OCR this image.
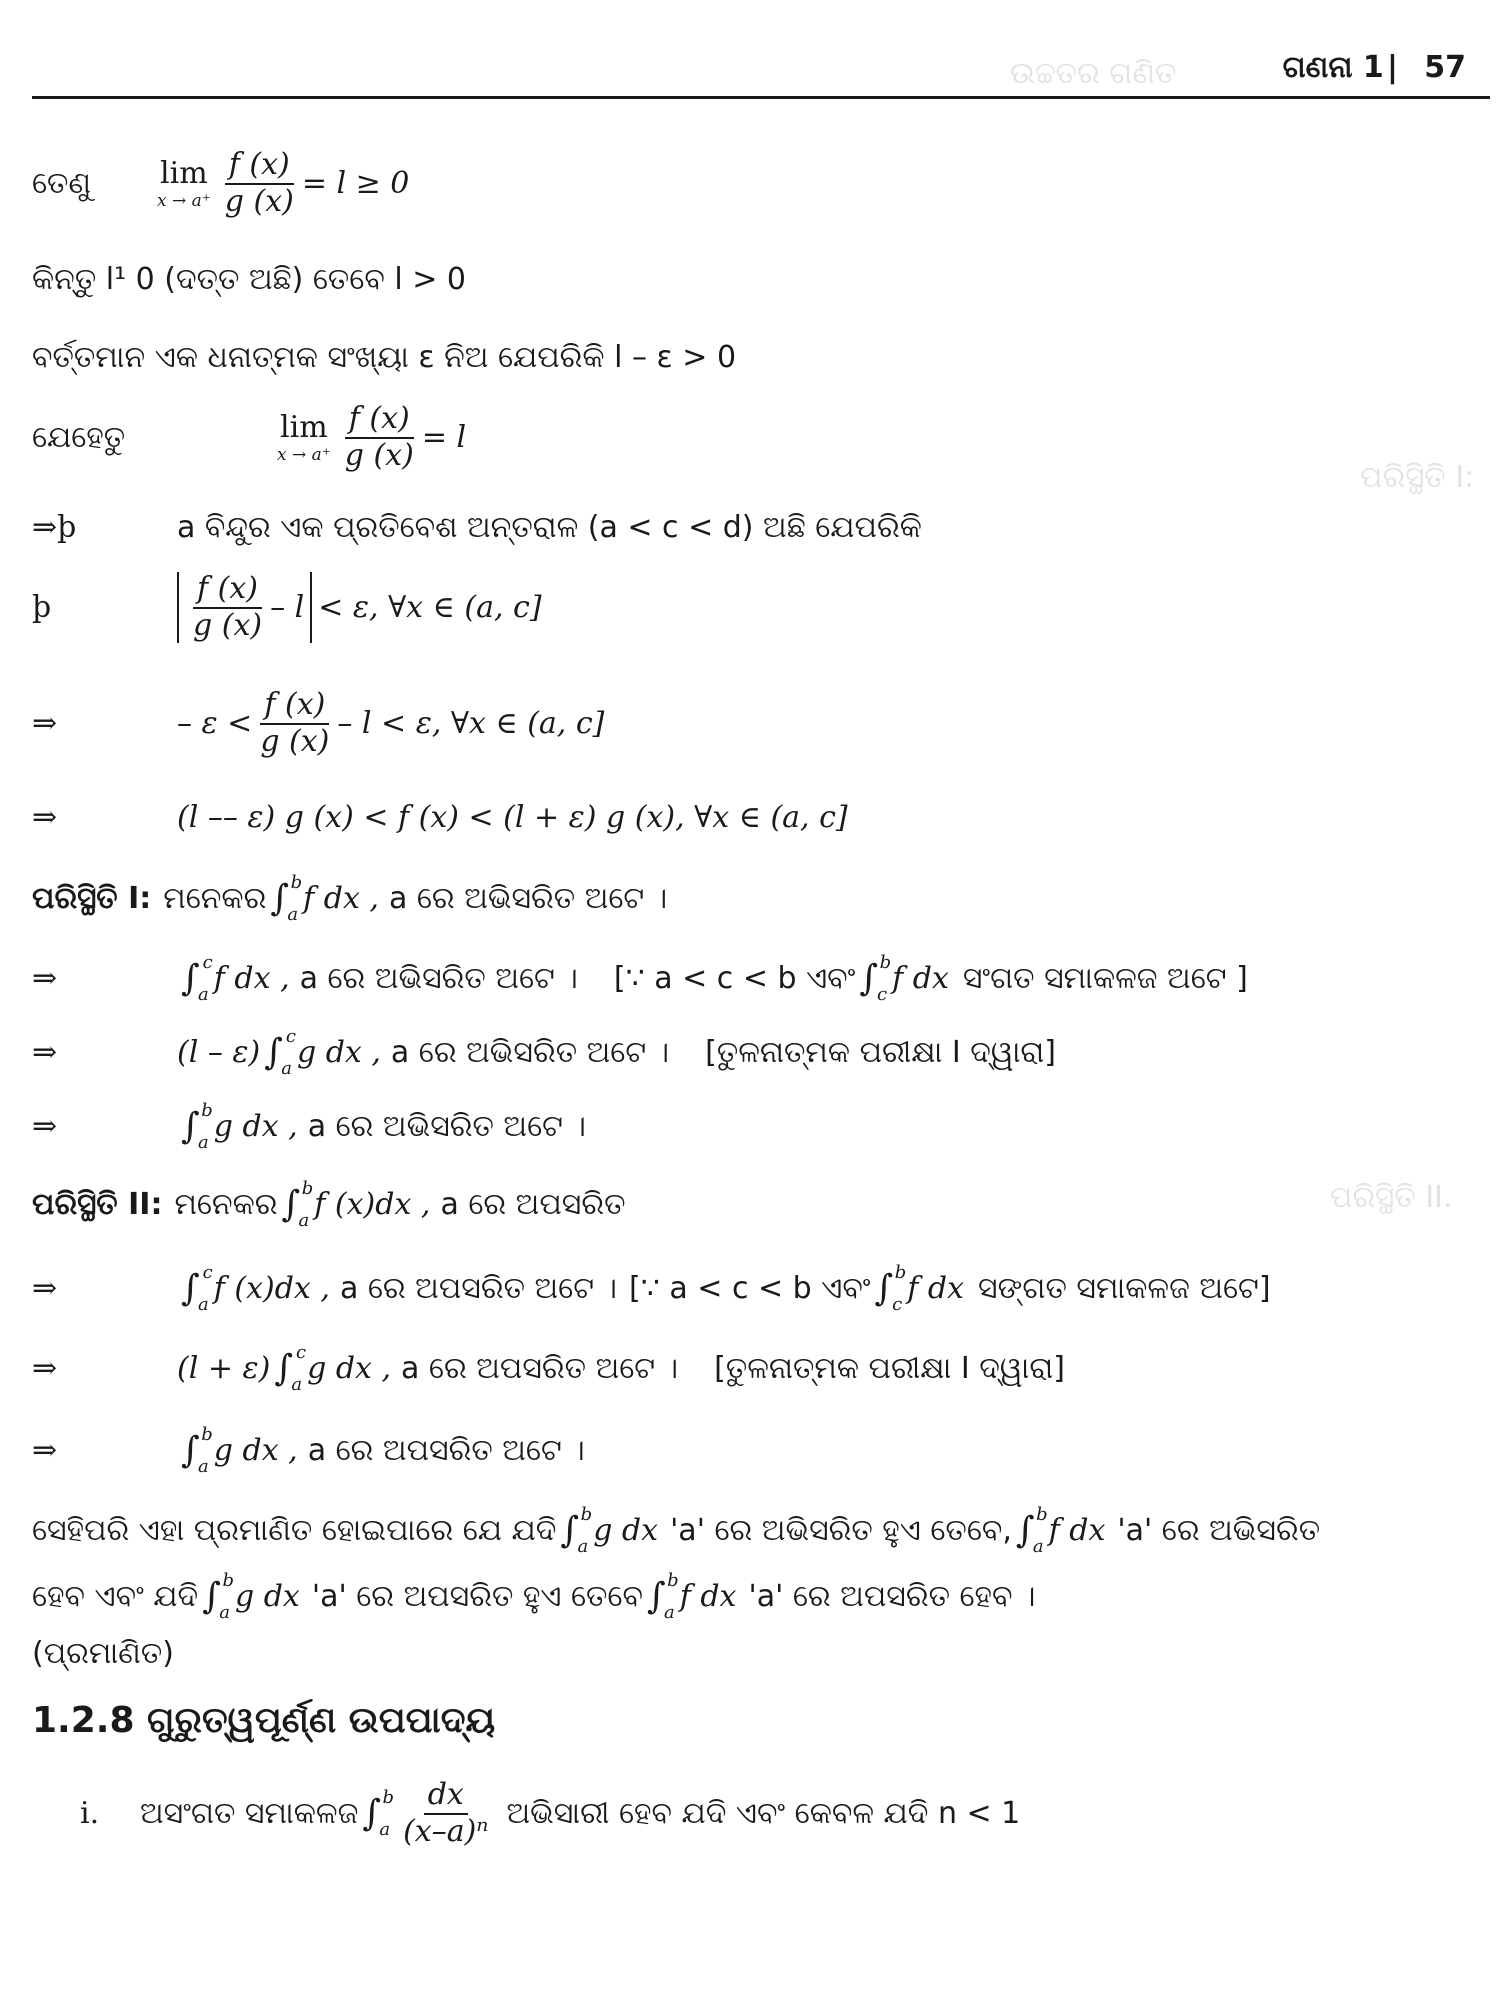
ଉଚ୍ଚତର ଗଣିତ
ପରିସ୍ଥିତି I:
ପରିସ୍ଥିତି II.
ଗଣନା 1 57
|
ତେଣୁ	lim
$x \to a^+ \frac{f (x)}{g (x)} = l \ge 0$
କିନ୍ତୁ l¹ 0 (ଦତ୍ତ ଅଛି) ତେବେ l > 0
ବର୍ତ୍ତମାନ ଏକ ଧନାତ୍ମକ ସଂଖ୍ୟା ε ନିଅ ଯେପରିକି l – ε > 0
ଯେହେତୁ	lim
$x \to a^+ \frac{f (x)}{g (x)} = l$
⇒þ	a ବିନ୍ଦୁର ଏକ ପ୍ରତିବେଶ ଅନ୍ତରାଳ (a < c < d) ଅଛି ଯେପରିକି
þ	$\frac{f (x)}{g (x)} - l < \varepsilon$, ∀x ∈ (a, c]
⇒	– $\varepsilon < \frac{f (x)}{g (x)} - l < \varepsilon$, ∀x ∈ (a, c]
⇒	(l –– ε) g (x) < f (x) < (l + ε) g (x), ∀x ∈ (a, c]
ପରିସ୍ଥିତି I: ମନେକର ∫ b
a f dx , a ରେ ଅଭିସରିତ ଅଟେ ।
⇒	∫ c
a f dx , a ରେ ଅଭିସରିତ ଅଟେ । [∵ a < c < b ଏବଂ ∫ b
c f dx ସଂଗତ ସମାକଳଜ ଅଟେ ]
⇒	(l – ε) ∫ c
a g dx , a ରେ ଅଭିସରିତ ଅଟେ । [ତୁଳନାତ୍ମକ ପରୀକ୍ଷା I ଦ୍ୱାରା]
⇒	∫ b
a g dx , a ରେ ଅଭିସରିତ ଅଟେ ।
ପରିସ୍ଥିତି II: ମନେକର ∫ b
a f (x)dx , a ରେ ଅପସରିତ
⇒	∫ c
a f (x)dx , a ରେ ଅପସରିତ ଅଟେ । [∵ a < c < b ଏବଂ ∫ b
c f dx ସଙ୍ଗତ ସମାକଳଜ ଅଟେ]
⇒	(l + ε) ∫ c
a g dx , a ରେ ଅପସରିତ ଅଟେ । [ତୁଳନାତ୍ମକ ପରୀକ୍ଷା I ଦ୍ୱାରା]
⇒	∫ b
a g dx , a ରେ ଅପସରିତ ଅଟେ ।
ସେହିପରି ଏହା ପ୍ରମାଣିତ ହୋଇପାରେ ଯେ ଯଦି ∫ b
a g dx 'a' ରେ ଅଭିସରିତ ହୁଏ ତେବେ, ∫ b
a f dx 'a' ରେ ଅଭିସରିତ
ହେବ ଏବଂ ଯଦି ∫ b
a g dx 'a' ରେ ଅପସରିତ ହୁଏ ତେବେ ∫ b
a f dx 'a' ରେ ଅପସରିତ ହେବ ।
(ପ୍ରମାଣିତ)
1.2.8 ଗୁରୁତ୍ୱପୂର୍ଣ୍ଣ ଉପପାଦ୍ୟ
i.	ଅସଂଗତ ସମାକଳଜ ∫ b
a $\frac{dx}{\text{(x–a)ⁿ}}$ ଅଭିସାରୀ ହେବ ଯଦି ଏବଂ କେବଳ ଯଦି n < 1
